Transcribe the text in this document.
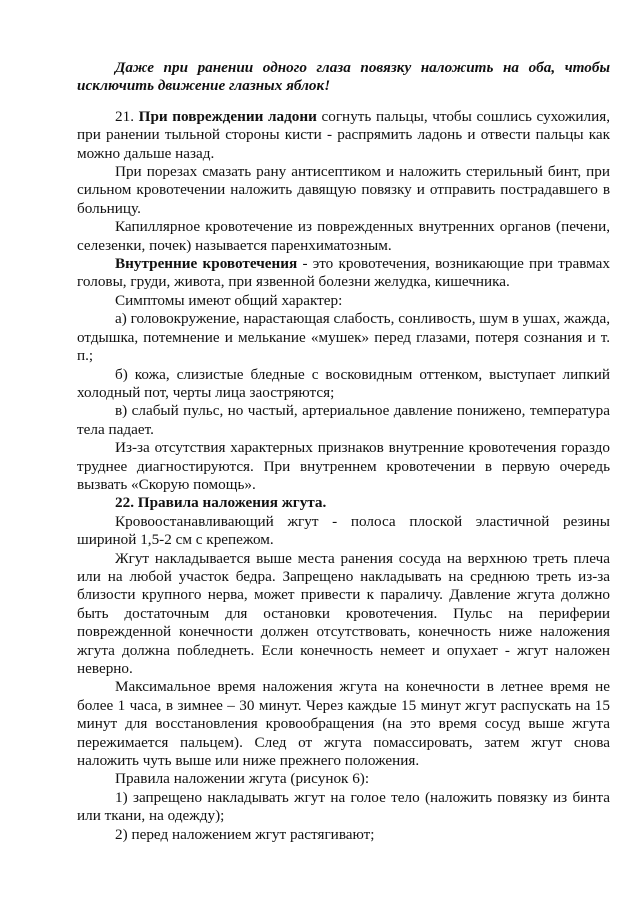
Даже при ранении одного глаза повязку наложить на оба, чтобы исключить движение глазных яблок!

21. При повреждении ладони согнуть пальцы, чтобы сошлись сухожилия, при ранении тыльной стороны кисти - распрямить ладонь и отвести пальцы как можно дальше назад.

При порезах смазать рану антисептиком и наложить стерильный бинт, при сильном кровотечении наложить давящую повязку и отправить пострадавшего в больницу.

Капиллярное кровотечение из поврежденных внутренних органов (печени, селезенки, почек) называется паренхиматозным.

Внутренние кровотечения - это кровотечения, возникающие при травмах головы, груди, живота, при язвенной болезни желудка, кишечника.

Симптомы имеют общий характер:

а) головокружение, нарастающая слабость, сонливость, шум в ушах, жажда, отдышка, потемнение и мелькание «мушек» перед глазами, потеря сознания и т. п.;

б) кожа, слизистые бледные с восковидным оттенком, выступает липкий холодный пот, черты лица заостряются;

в) слабый пульс, но частый, артериальное давление понижено, температура тела падает.

Из-за отсутствия характерных признаков внутренние кровотечения гораздо труднее диагностируются. При внутреннем кровотечении в первую очередь вызвать «Скорую помощь».

22. Правила наложения жгута.

Кровоостанавливающий жгут - полоса плоской эластичной резины шириной 1,5-2 см с крепежом.

Жгут накладывается выше места ранения сосуда на верхнюю треть плеча или на любой участок бедра. Запрещено накладывать на среднюю треть из-за близости крупного нерва, может привести к параличу. Давление жгута должно быть достаточным для остановки кровотечения. Пульс на периферии поврежденной конечности должен отсутствовать, конечность ниже наложения жгута должна побледнеть. Если конечность немеет и опухает - жгут наложен неверно.

Максимальное время наложения жгута на конечности в летнее время не более 1 часа, в зимнее – 30 минут. Через каждые 15 минут жгут распускать на 15 минут для восстановления кровообращения (на это время сосуд выше жгута пережимается пальцем). След от жгута помассировать, затем жгут снова наложить чуть выше или ниже прежнего положения.

Правила наложении жгута (рисунок 6):

1) запрещено накладывать жгут на голое тело (наложить повязку из бинта или ткани, на одежду);

2) перед наложением жгут растягивают;
